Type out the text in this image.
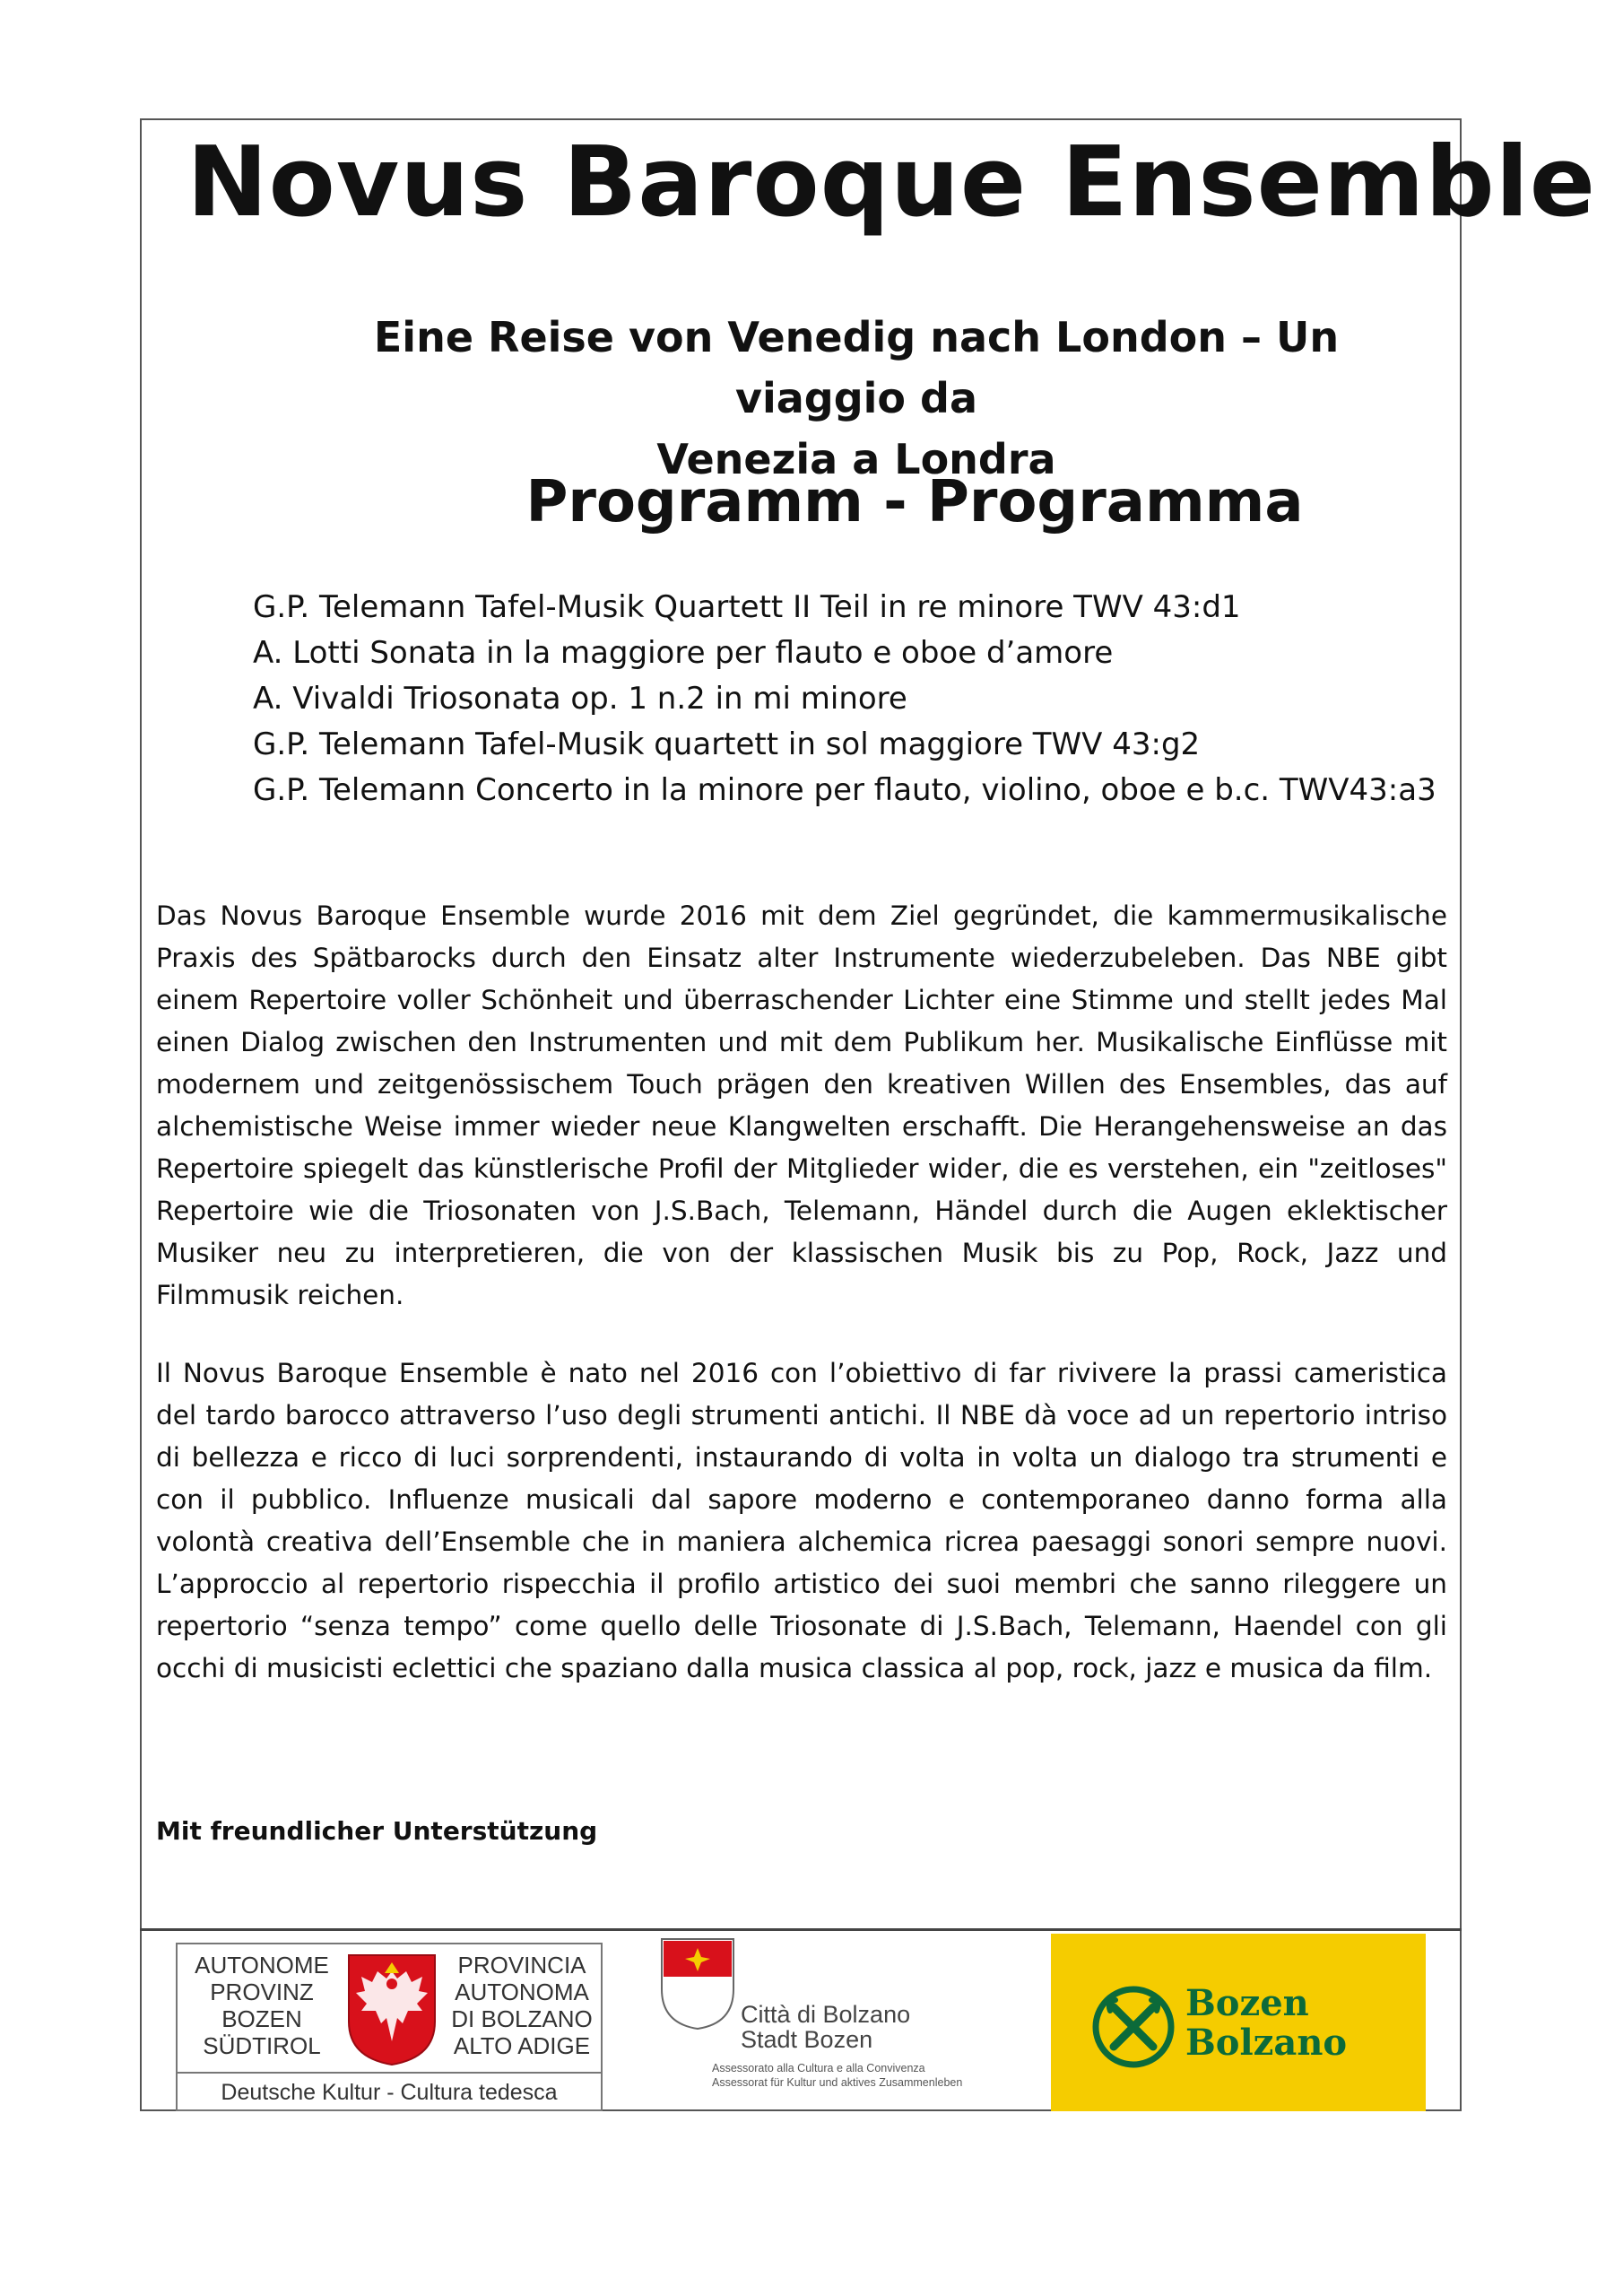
Novus Baroque Ensemble
Eine Reise von Venedig nach London – Un viaggio da
Venezia a Londra
Programm - Programma
G.P. Telemann Tafel-Musik Quartett II Teil in re minore TWV 43:d1
A. Lotti Sonata in la maggiore per flauto e oboe d’amore
A. Vivaldi Triosonata op. 1 n.2 in mi minore
G.P. Telemann Tafel-Musik quartett in sol maggiore TWV 43:g2
G.P. Telemann Concerto in la minore per flauto, violino, oboe e b.c. TWV43:a3

Das Novus Baroque Ensemble wurde 2016 mit dem Ziel gegründet, die kammermusikalische Praxis des Spätbarocks durch den Einsatz alter Instrumente wiederzubeleben. Das NBE gibt einem Repertoire voller Schönheit und überraschender Lichter eine Stimme und stellt jedes Mal einen Dialog zwischen den Instrumenten und mit dem Publikum her. Musikalische Einflüsse mit modernem und zeitgenössischem Touch prägen den kreativen Willen des Ensembles, das auf alchemistische Weise immer wieder neue Klangwelten erschafft. Die Herangehensweise an das Repertoire spiegelt das künstlerische Profil der Mitglieder wider, die es verstehen, ein "zeitloses" Repertoire wie die Triosonaten von J.S.Bach, Telemann, Händel durch die Augen eklektischer Musiker neu zu interpretieren, die von der klassischen Musik bis zu Pop, Rock, Jazz und Filmmusik reichen.

Il Novus Baroque Ensemble è nato nel 2016 con l’obiettivo di far rivivere la prassi cameristica del tardo barocco attraverso l’uso degli strumenti antichi. Il NBE dà voce ad un repertorio intriso di bellezza e ricco di luci sorprendenti, instaurando di volta in volta un dialogo tra strumenti e con il pubblico. Influenze musicali dal sapore moderno e contemporaneo danno forma alla volontà creativa dell’Ensemble che in maniera alchemica ricrea paesaggi sonori sempre nuovi. L’approccio al repertorio rispecchia il profilo artistico dei suoi membri che sanno rileggere un repertorio “senza tempo” come quello delle Triosonate di J.S.Bach, Telemann, Haendel con gli occhi di musicisti eclettici che spaziano dalla musica classica al pop, rock, jazz e musica da film.

Mit freundlicher Unterstützung
AUTONOME
PROVINZ
BOZEN
SÜDTIROL
PROVINCIA
AUTONOMA
DI BOLZANO
ALTO ADIGE
Deutsche Kultur - Cultura tedesca
Città di Bolzano
Stadt Bozen
Assessorato alla Cultura e alla Convivenza
Assessorat für Kultur und aktives Zusammenleben
Bozen
Bolzano
